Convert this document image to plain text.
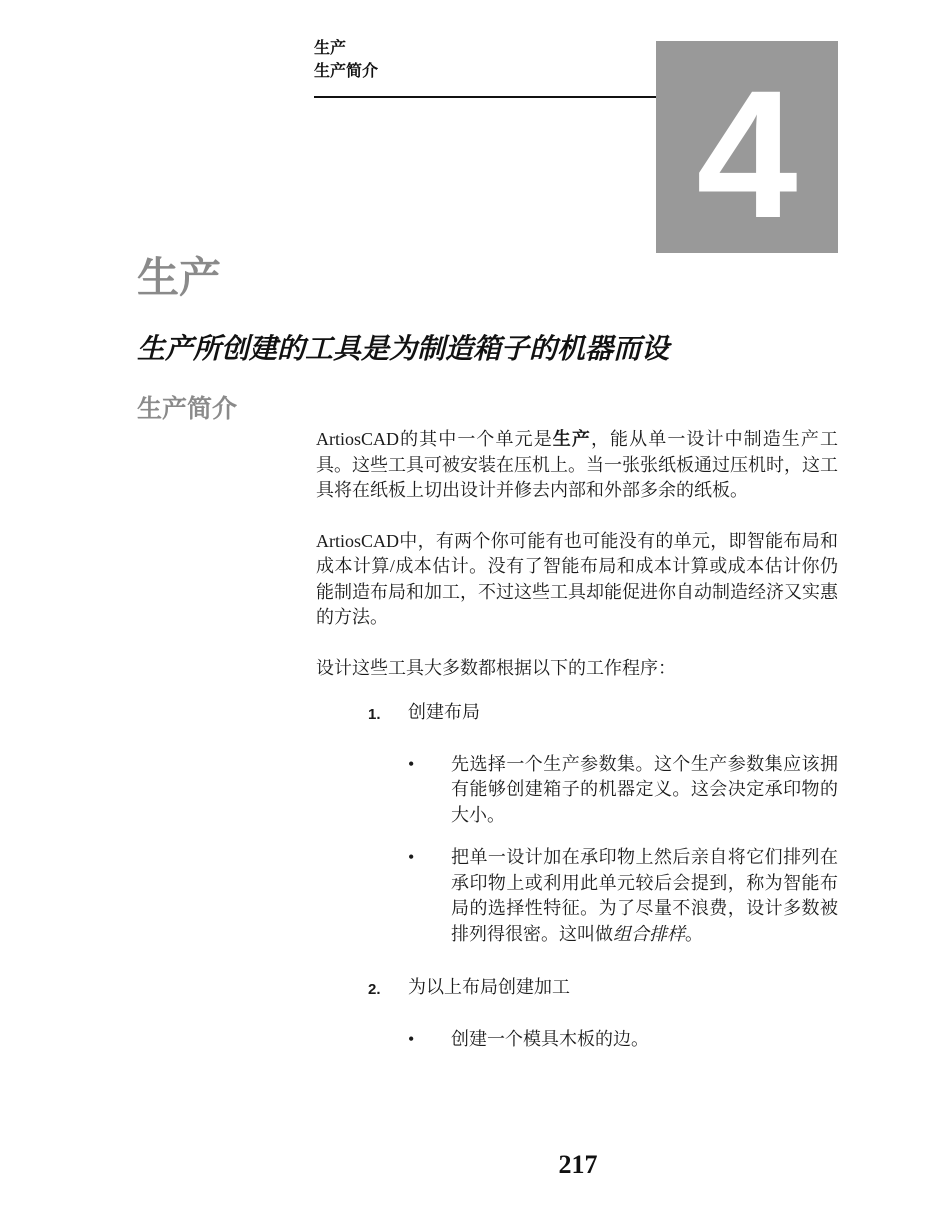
生产
生产简介 4
生产
生产所创建的工具是为制造箱子的机器而设
生产简介

ArtiosCAD的其中一个单元是生产，能从单一设计中制造生产工具。这些工具可被安装在压机上。当一张张纸板通过压机时，这工具将在纸板上切出设计并修去内部和外部多余的纸板。

ArtiosCAD中，有两个你可能有也可能没有的单元，即智能布局和成本计算/成本估计。没有了智能布局和成本计算或成本估计你仍能制造布局和加工，不过这些工具却能促进你自动制造经济又实惠的方法。

设计这些工具大多数都根据以下的工作程序：

1. 创建布局
• 先选择一个生产参数集。这个生产参数集应该拥有能够创建箱子的机器定义。这会决定承印物的大小。
• 把单一设计加在承印物上然后亲自将它们排列在承印物上或利用此单元较后会提到，称为智能布局的选择性特征。为了尽量不浪费，设计多数被排列得很密。这叫做组合排样。
2. 为以上布局创建加工
• 创建一个模具木板的边。
217
